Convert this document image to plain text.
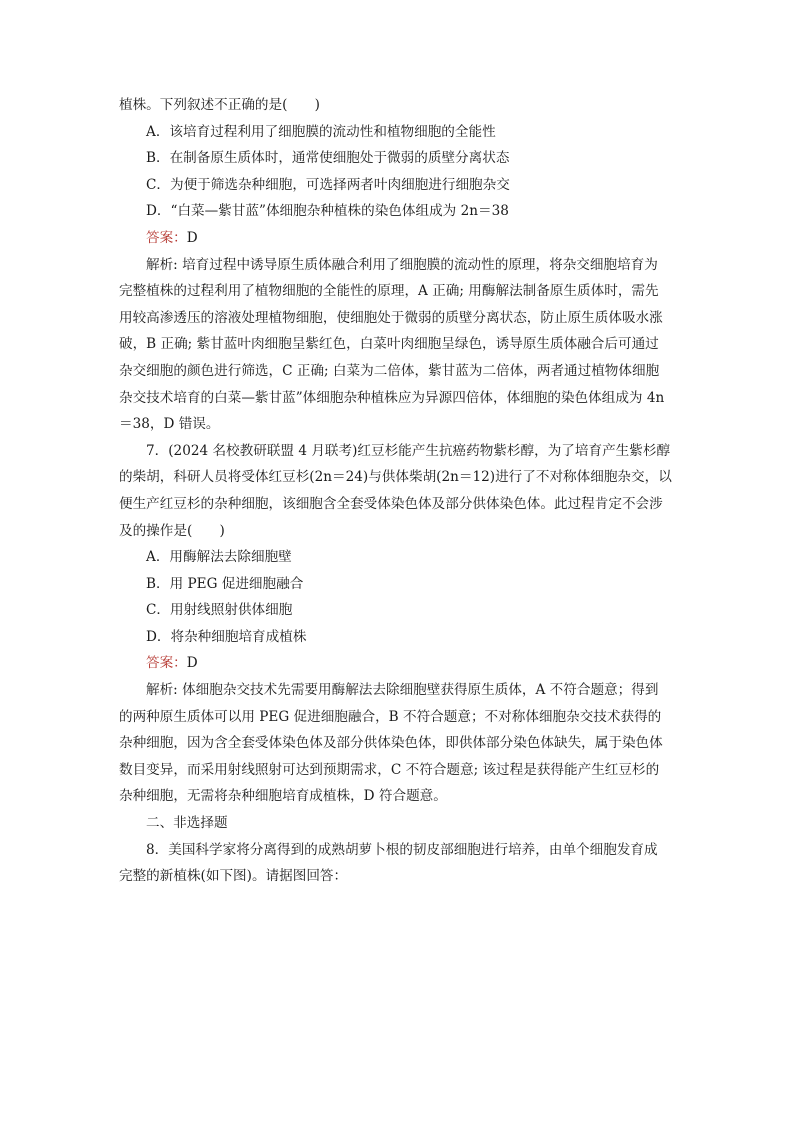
植株。下列叙述不正确的是(　　)
A．该培育过程利用了细胞膜的流动性和植物细胞的全能性
B．在制备原生质体时，通常使细胞处于微弱的质壁分离状态
C．为便于筛选杂种细胞，可选择两者叶肉细胞进行细胞杂交
D．“白菜—紫甘蓝”体细胞杂种植株的染色体组成为 2n＝38
答案：D
解析: 培育过程中诱导原生质体融合利用了细胞膜的流动性的原理，将杂交细胞培育为
完整植株的过程利用了植物细胞的全能性的原理，A 正确; 用酶解法制备原生质体时，需先
用较高渗透压的溶液处理植物细胞，使细胞处于微弱的质壁分离状态，防止原生质体吸水涨
破，B 正确; 紫甘蓝叶肉细胞呈紫红色，白菜叶肉细胞呈绿色，诱导原生质体融合后可通过
杂交细胞的颜色进行筛选，C 正确; 白菜为二倍体，紫甘蓝为二倍体，两者通过植物体细胞
杂交技术培育的白菜—紫甘蓝”体细胞杂种植株应为异源四倍体，体细胞的染色体组成为 4n
＝38，D 错误。
7．(2024 名校教研联盟 4 月联考)红豆杉能产生抗癌药物紫杉醇，为了培育产生紫杉醇
的柴胡，科研人员将受体红豆杉(2n＝24)与供体柴胡(2n＝12)进行了不对称体细胞杂交，以
便生产红豆杉的杂种细胞，该细胞含全套受体染色体及部分供体染色体。此过程肯定不会涉
及的操作是(　　)
A．用酶解法去除细胞壁
B．用 PEG 促进细胞融合
C．用射线照射供体细胞
D．将杂种细胞培育成植株
答案：D
解析: 体细胞杂交技术先需要用酶解法去除细胞壁获得原生质体，A 不符合题意；得到
的两种原生质体可以用 PEG 促进细胞融合，B 不符合题意；不对称体细胞杂交技术获得的
杂种细胞，因为含全套受体染色体及部分供体染色体，即供体部分染色体缺失，属于染色体
数目变异，而采用射线照射可达到预期需求，C 不符合题意; 该过程是获得能产生红豆杉的
杂种细胞，无需将杂种细胞培育成植株，D 符合题意。
二、非选择题
8．美国科学家将分离得到的成熟胡萝卜根的韧皮部细胞进行培养，由单个细胞发育成
完整的新植株(如下图)。请据图回答：
